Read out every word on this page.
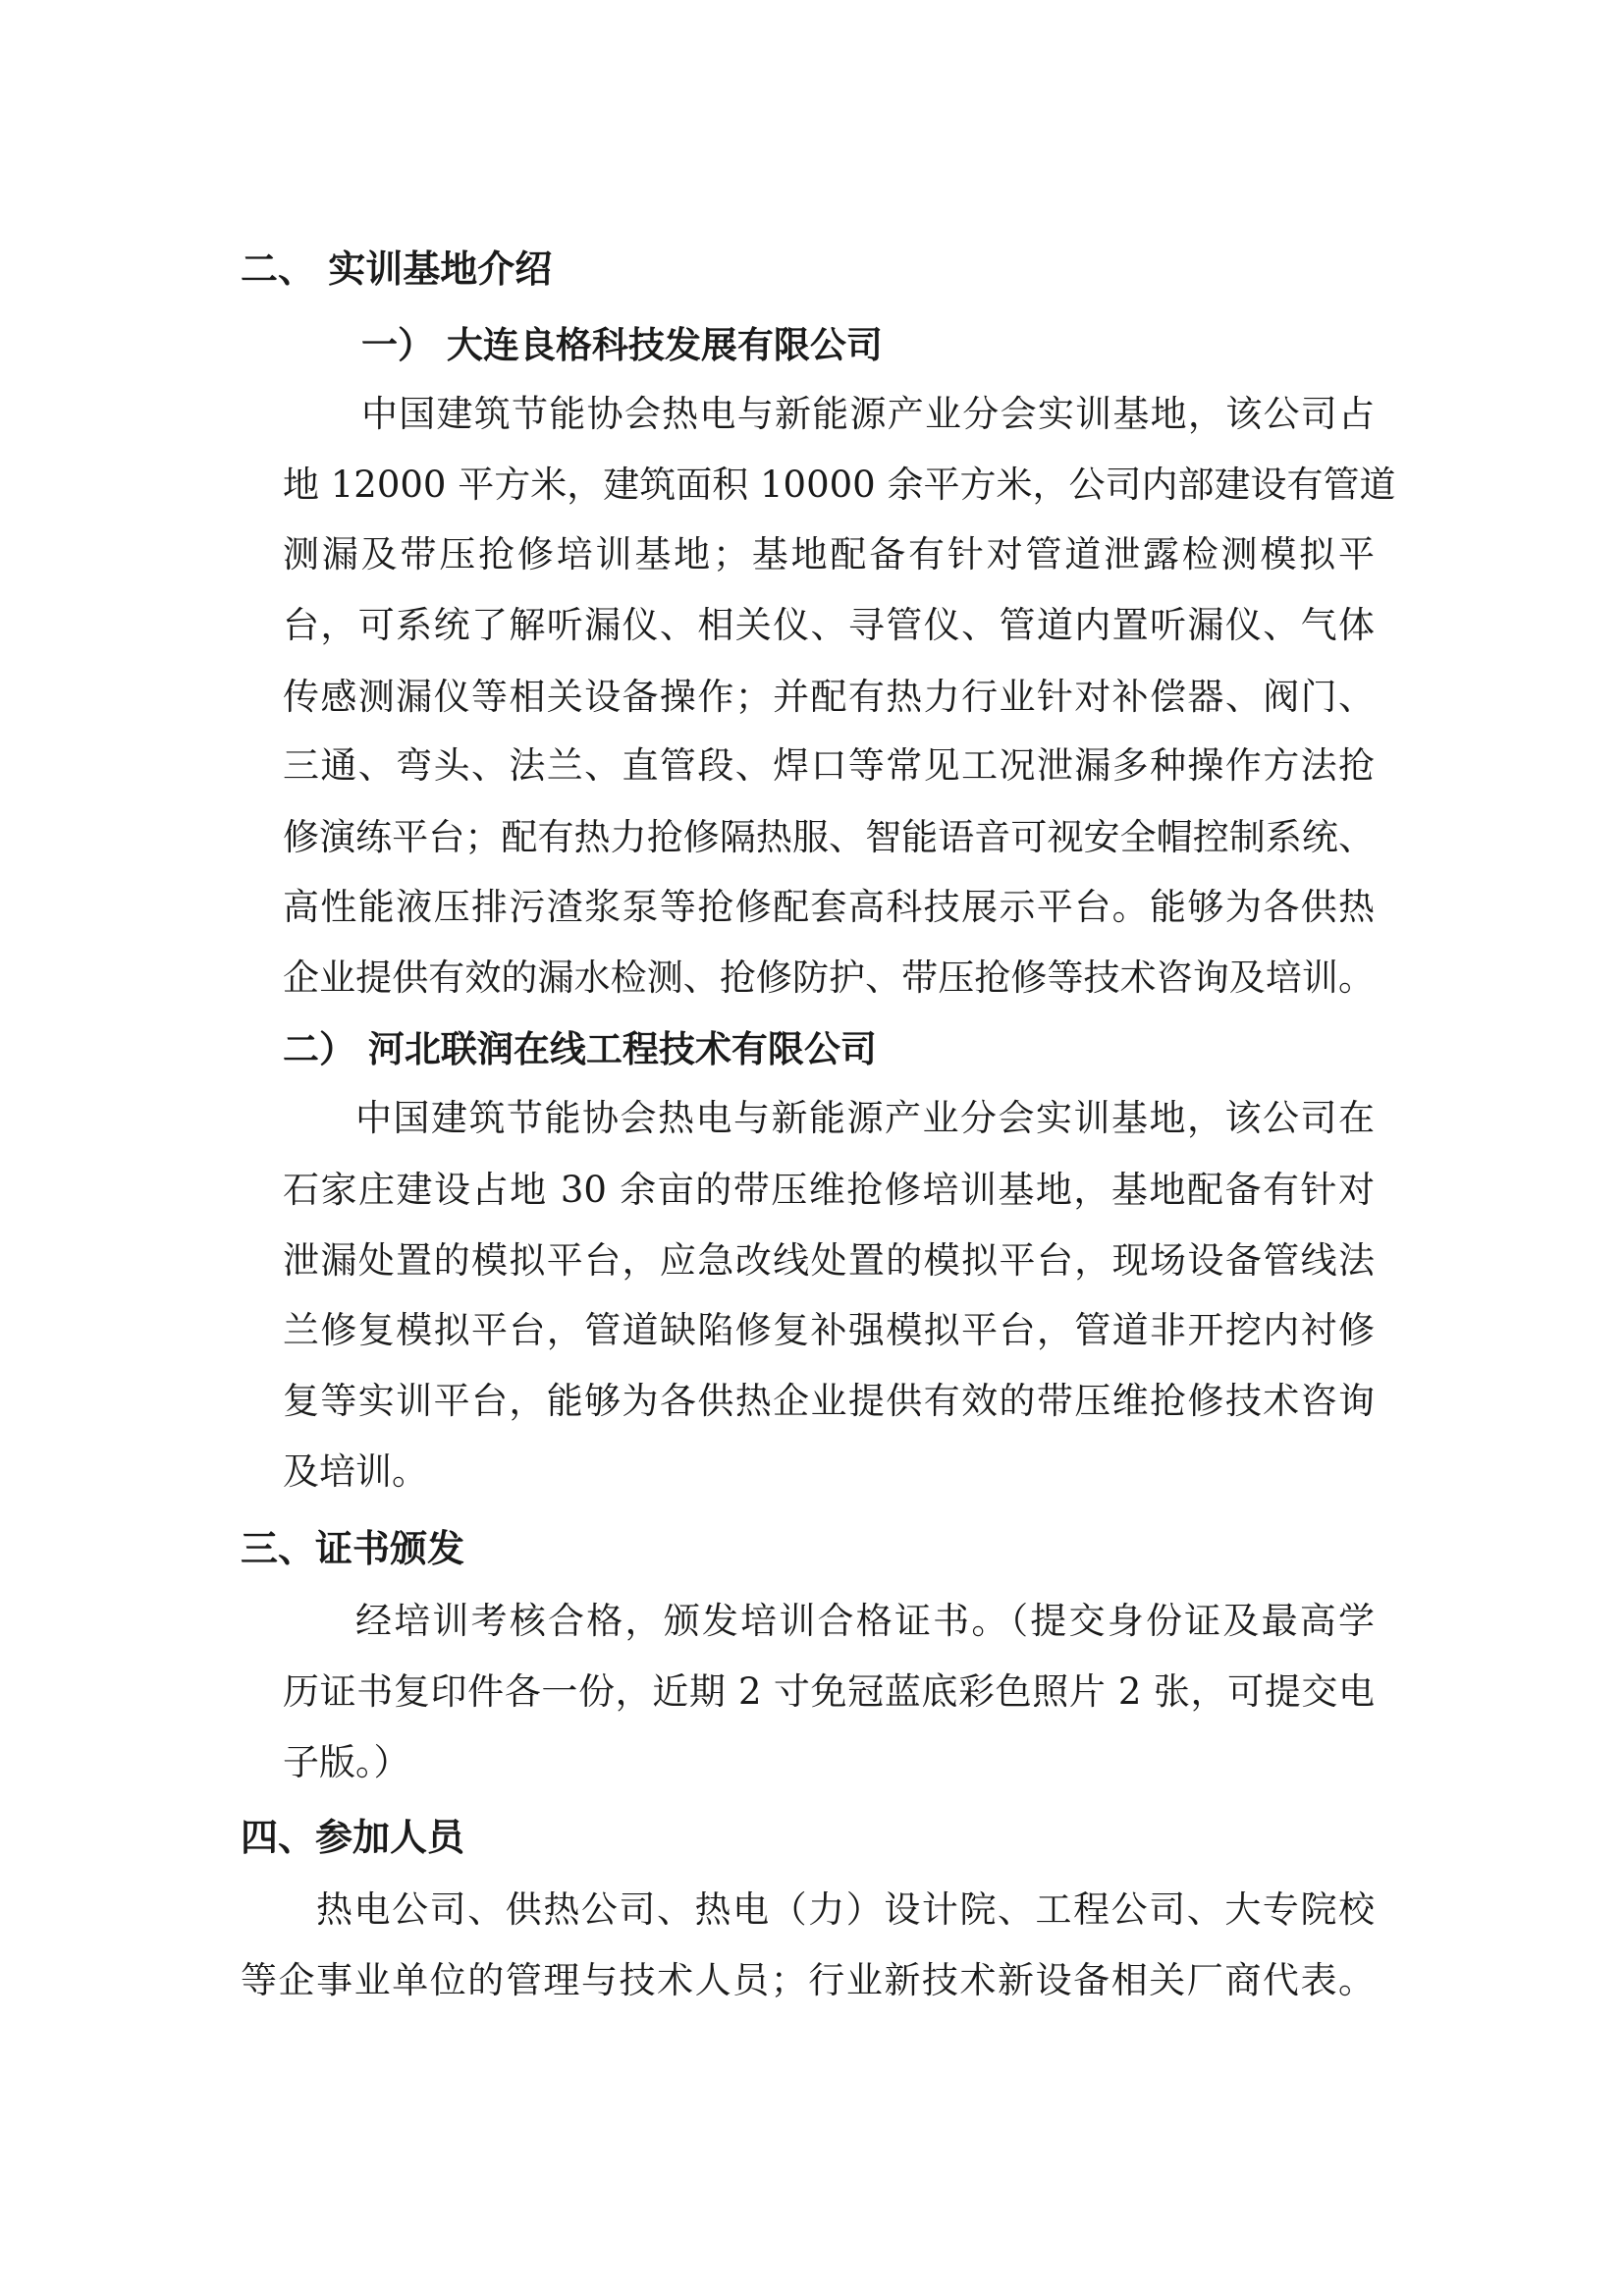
二、 实训基地介绍
一） 大连良格科技发展有限公司

中国建筑节能协会热电与新能源产业分会实训基地，该公司占

地 12000 平方米，建筑面积 10000 余平方米，公司内部建设有管道

测漏及带压抢修培训基地；基地配备有针对管道泄露检测模拟平

台，可系统了解听漏仪、相关仪、寻管仪、管道内置听漏仪、气体

传感测漏仪等相关设备操作；并配有热力行业针对补偿器、阀门、

三通、弯头、法兰、直管段、焊口等常见工况泄漏多种操作方法抢

修演练平台；配有热力抢修隔热服、智能语音可视安全帽控制系统、

高性能液压排污渣浆泵等抢修配套高科技展示平台。能够为各供热

企业提供有效的漏水检测、抢修防护、带压抢修等技术咨询及培训。

二） 河北联润在线工程技术有限公司

中国建筑节能协会热电与新能源产业分会实训基地，该公司在

石家庄建设占地 30 余亩的带压维抢修培训基地，基地配备有针对

泄漏处置的模拟平台，应急改线处置的模拟平台，现场设备管线法

兰修复模拟平台，管道缺陷修复补强模拟平台，管道非开挖内衬修

复等实训平台，能够为各供热企业提供有效的带压维抢修技术咨询

及培训。

三、证书颁发

经培训考核合格，颁发培训合格证书。（提交身份证及最高学

历证书复印件各一份，近期 2 寸免冠蓝底彩色照片 2 张，可提交电

子版。）

四、参加人员

热电公司、供热公司、热电（力）设计院、工程公司、大专院校

等企事业单位的管理与技术人员；行业新技术新设备相关厂商代表。
